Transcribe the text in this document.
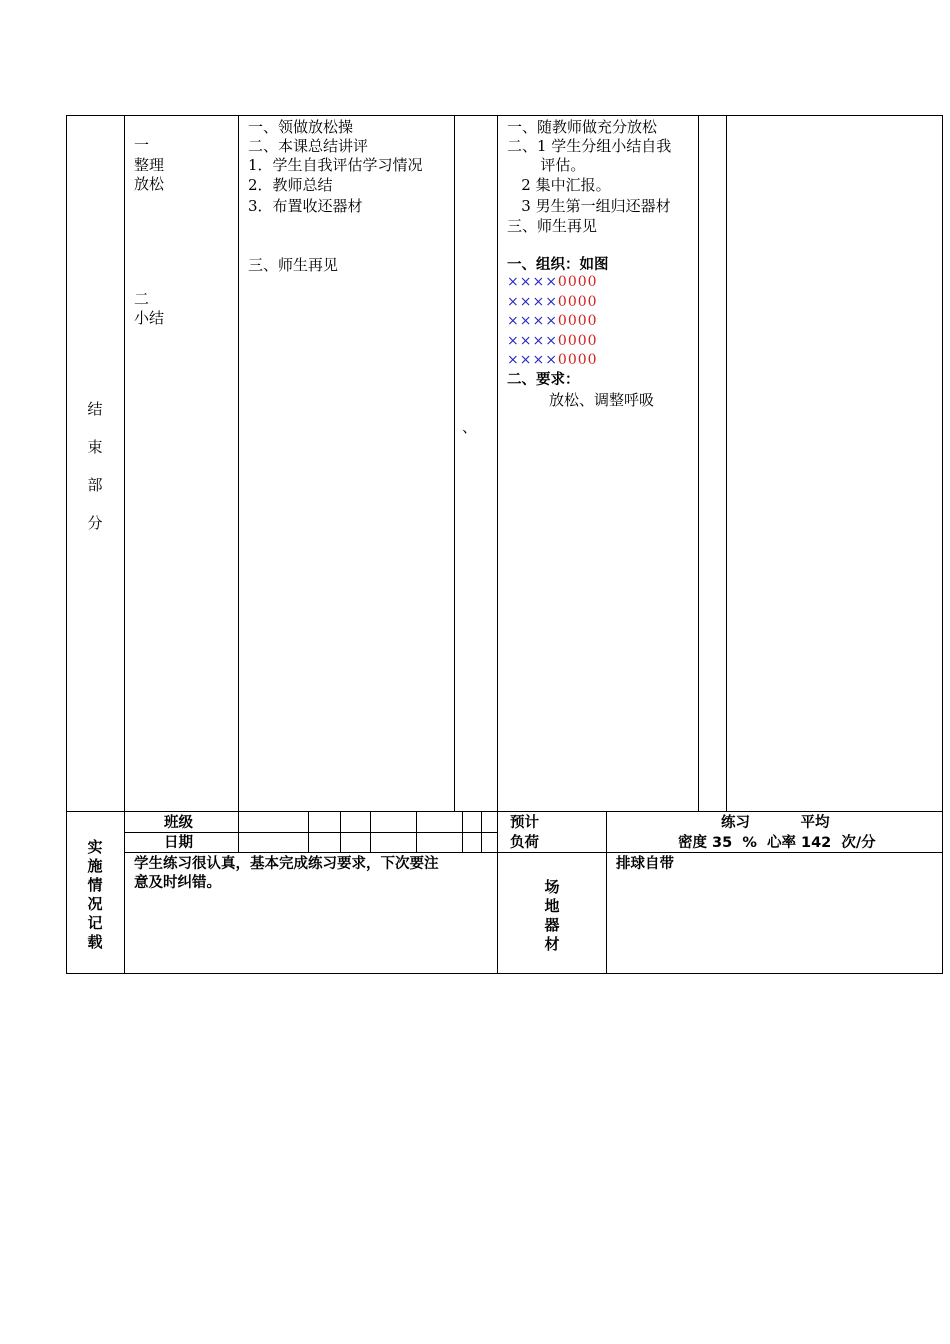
结
束
部
分
一
整理
放松
二
小结
一、领做放松操
二、本课总结讲评
1．学生自我评估学习情况
2．教师总结
3．布置收还器材
三、师生再见
、
一、随教师做充分放松
二、1 学生分组小结自我
评估。
2 集中汇报。
3 男生第一组归还器材
三、师生再见
一、组织：如图
××××0000
××××0000
××××0000
××××0000
××××0000
二、要求：
放松、调整呼吸
实
施
情
况
记
载
班级
日期
预计
负荷
练习          平均
密度 35  %  心率 142  次/分
学生练习很认真，基本完成练习要求，下次要注
意及时纠错。	场
地
器
材
排球自带
